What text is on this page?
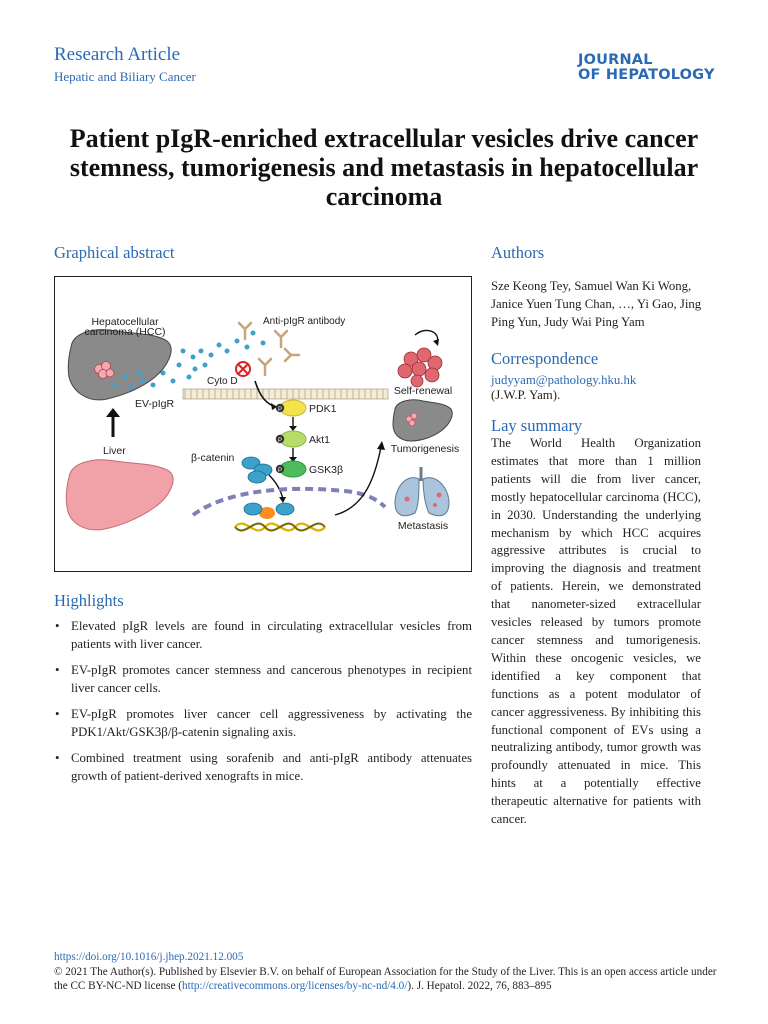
Research Article
Hepatic and Biliary Cancer
JOURNAL
OF HEPATOLOGY
Patient pIgR-enriched extracellular vesicles drive cancer stemness, tumorigenesis and metastasis in hepatocellular carcinoma
Graphical abstract
Hepatocellular
carcinoma (HCC)
EV-pIgR
Anti-pIgR antibody
Cyto D
P	PDK1
P	Akt1
P	GSK3β
β-catenin
Liver
Self-renewal
Tumorigenesis
Metastasis
Highlights
• Elevated pIgR levels are found in circulating extracellular vesicles from patients with liver cancer.
• EV-pIgR promotes cancer stemness and cancerous phenotypes in recipient liver cancer cells.
• EV-pIgR promotes liver cancer cell aggressiveness by activating the PDK1/Akt/GSK3β/β-catenin signaling axis.
• Combined treatment using sorafenib and anti-pIgR antibody attenuates growth of patient-derived xenografts in mice.
Authors
Sze Keong Tey, Samuel Wan Ki Wong, Janice Yuen Tung Chan, …, Yi Gao, Jing Ping Yun, Judy Wai Ping Yam
Correspondence
judyyam@pathology.hku.hk
(J.W.P. Yam).
Lay summary
The World Health Organization estimates that more than 1 million patients will die from liver cancer, mostly hepatocellular carcinoma (HCC), in 2030. Understanding the underlying mechanism by which HCC acquires aggressive attributes is crucial to improving the diagnosis and treatment of patients. Herein, we demonstrated that nanometer-sized extracellular vesicles released by tumors promote cancer stemness and tumorigenesis. Within these oncogenic vesicles, we identified a key component that functions as a potent modulator of cancer aggressiveness. By inhibiting this functional component of EVs using a neutralizing antibody, tumor growth was profoundly attenuated in mice. This hints at a potentially effective therapeutic alternative for patients with cancer.
https://doi.org/10.1016/j.jhep.2021.12.005
© 2021 The Author(s). Published by Elsevier B.V. on behalf of European Association for the Study of the Liver. This is an open access article under the CC BY-NC-ND license (http://creativecommons.org/licenses/by-nc-nd/4.0/). J. Hepatol. 2022, 76, 883–895
